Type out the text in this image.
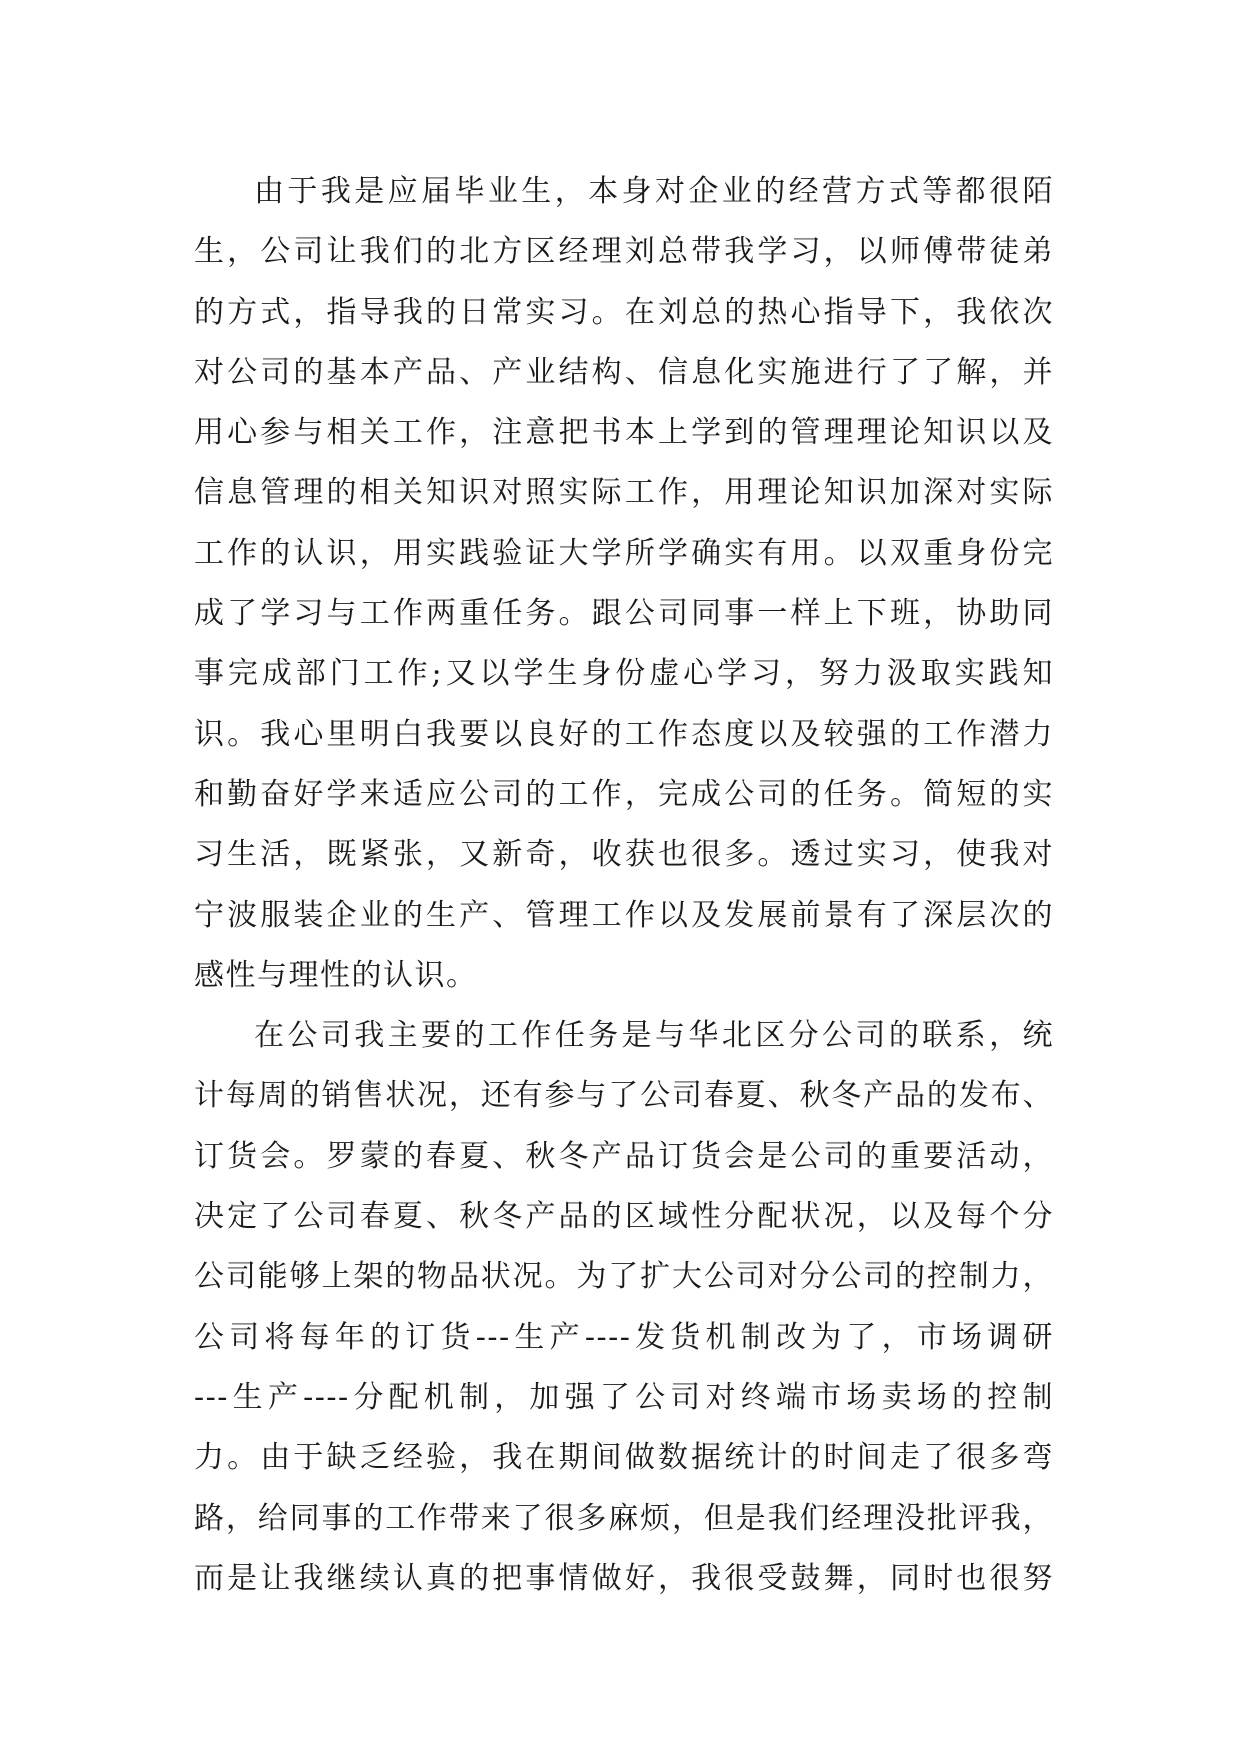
由于我是应届毕业生，本身对企业的经营方式等都很陌
生，公司让我们的北方区经理刘总带我学习，以师傅带徒弟
的方式，指导我的日常实习。在刘总的热心指导下，我依次
对公司的基本产品、产业结构、信息化实施进行了了解，并
用心参与相关工作，注意把书本上学到的管理理论知识以及
信息管理的相关知识对照实际工作，用理论知识加深对实际
工作的认识，用实践验证大学所学确实有用。以双重身份完
成了学习与工作两重任务。跟公司同事一样上下班，协助同
事完成部门工作;又以学生身份虚心学习，努力汲取实践知
识。我心里明白我要以良好的工作态度以及较强的工作潜力
和勤奋好学来适应公司的工作，完成公司的任务。简短的实
习生活，既紧张，又新奇，收获也很多。透过实习，使我对
宁波服装企业的生产、管理工作以及发展前景有了深层次的
感性与理性的认识。
在公司我主要的工作任务是与华北区分公司的联系，统
计每周的销售状况，还有参与了公司春夏、秋冬产品的发布、
订货会。罗蒙的春夏、秋冬产品订货会是公司的重要活动，
决定了公司春夏、秋冬产品的区域性分配状况，以及每个分
公司能够上架的物品状况。为了扩大公司对分公司的控制力，
公司将每年的订货---生产----发货机制改为了，市场调研
---生产----分配机制，加强了公司对终端市场卖场的控制
力。由于缺乏经验，我在期间做数据统计的时间走了很多弯
路，给同事的工作带来了很多麻烦，但是我们经理没批评我，
而是让我继续认真的把事情做好，我很受鼓舞，同时也很努
